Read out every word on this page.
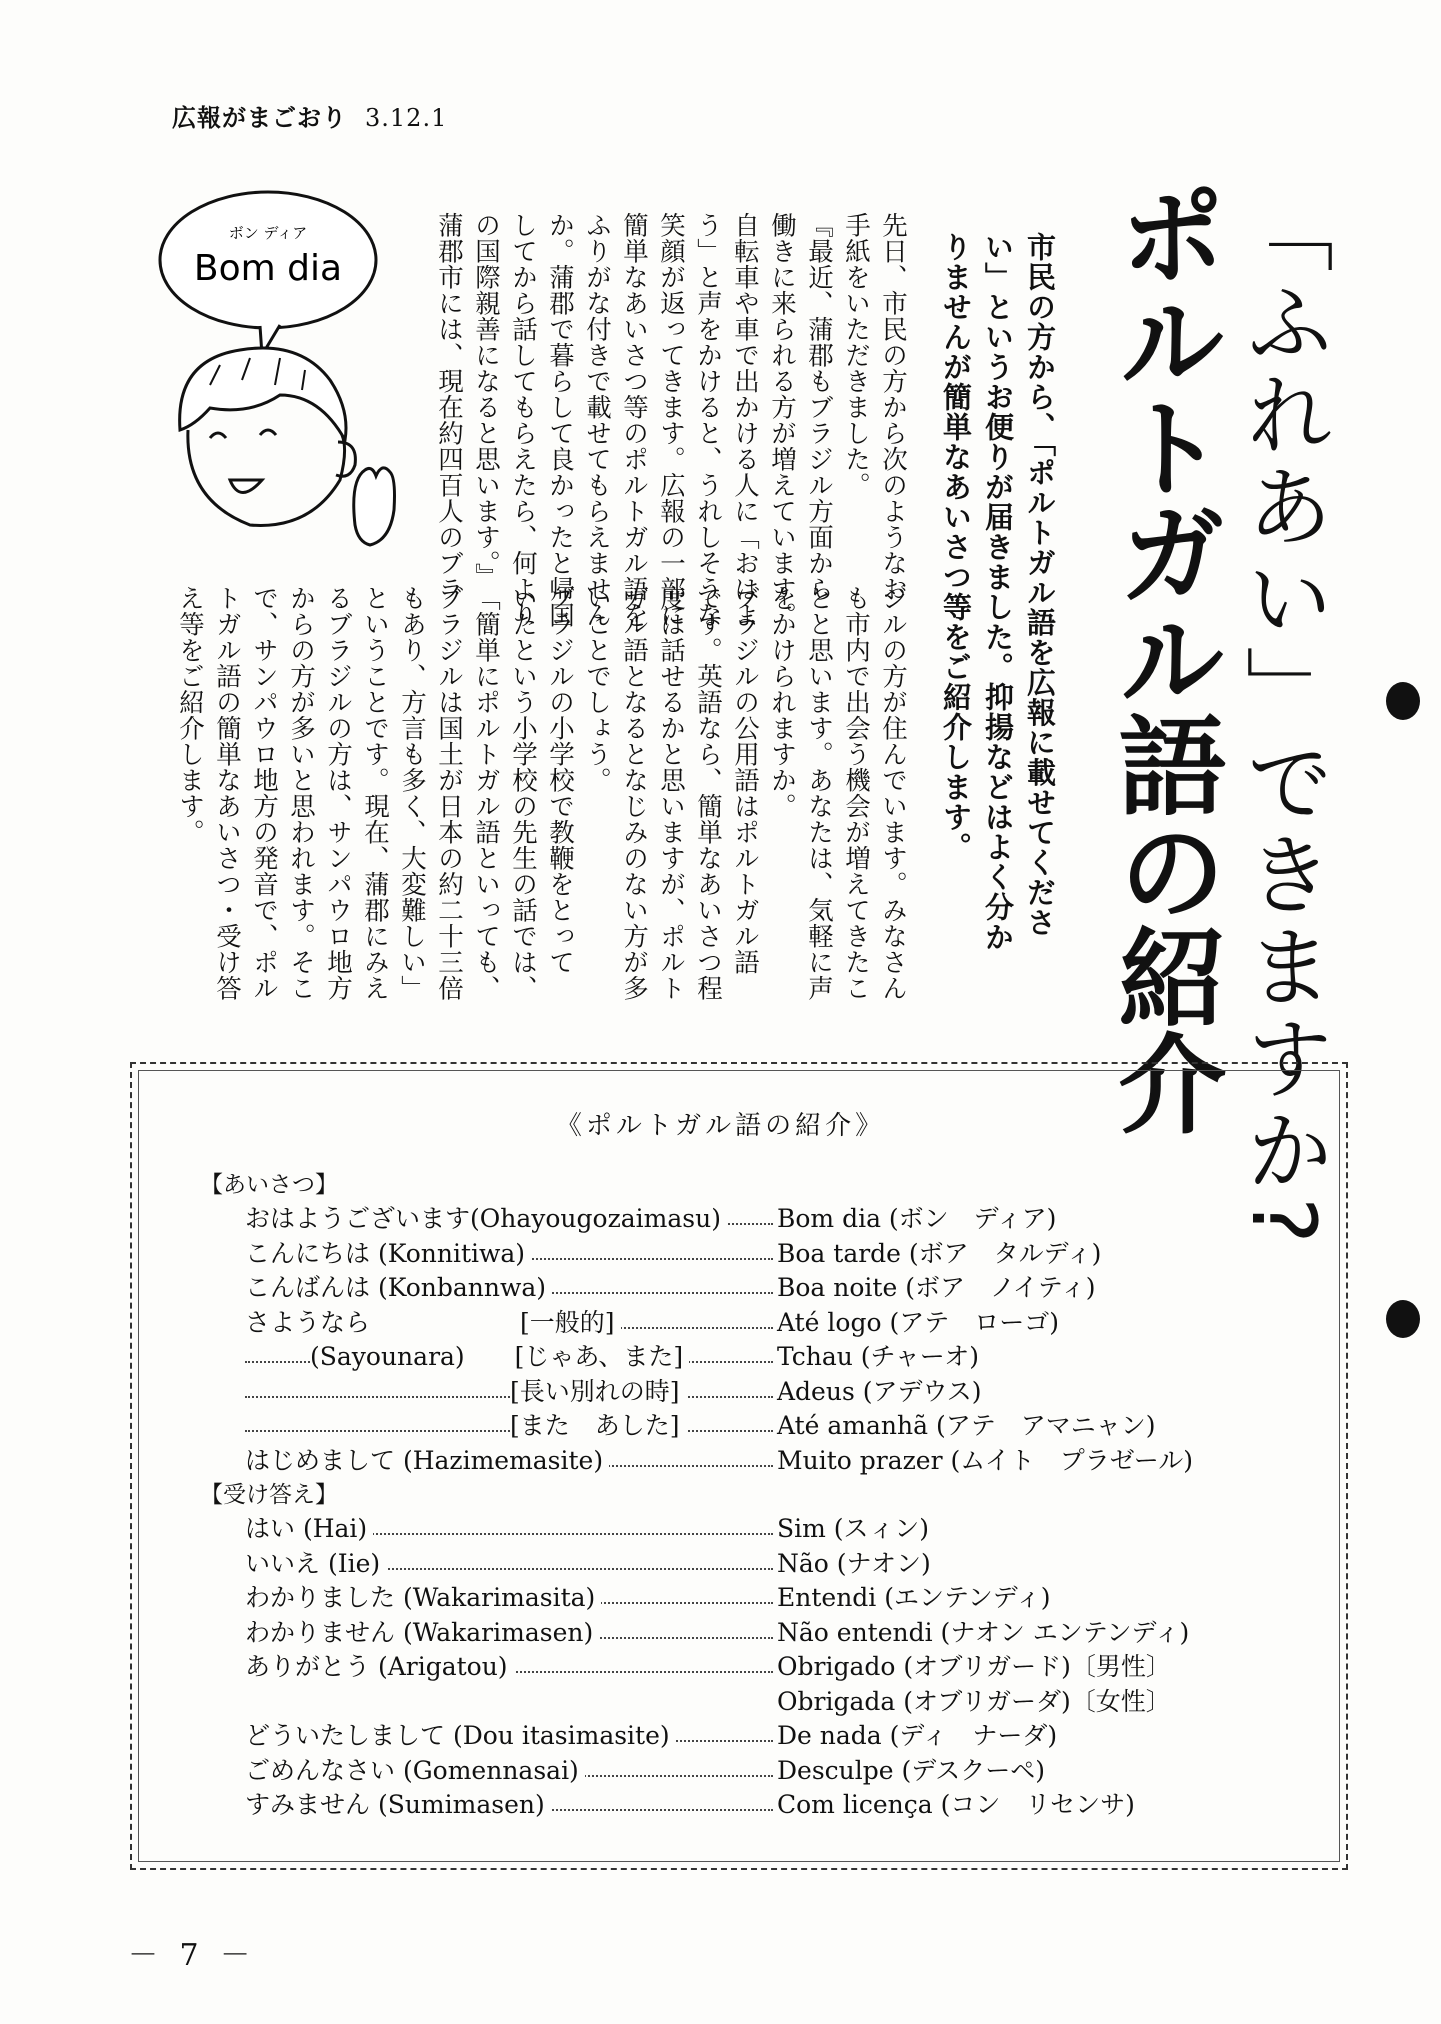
広報がまごおり 3.12.1
「ふれあい」できますか?
ポルトガル語の紹介
市民の方から、「ポルトガル語を広報に載せてください」というお便りが届きました。抑揚などはよく分かりませんが簡単なあいさつ等をご紹介します。
先日、市民の方から次のようなお
手紙をいただきました。
『最近、蒲郡もブラジル方面から
働きに来られる方が増えています。
自転車や車で出かける人に「おはよ
う」と声をかけると、うれしそうな
笑顔が返ってきます。広報の一部に
簡単なあいさつ等のポルトガル語を
ふりがな付きで載せてもらえません
か。蒲郡で暮らして良かったと帰国
してから話してもらえたら、何より
の国際親善になると思います。』
蒲郡市には、現在約四百人のブラ
ジルの方が住んでいます。みなさん
も市内で出会う機会が増えてきたこ
とと思います。あなたは、気軽に声
をかけられますか。
ブラジルの公用語はポルトガル語
です。英語なら、簡単なあいさつ程
度は話せるかと思いますが、ポルト
ガル語となるとなじみのない方が多
いことでしょう。
ブラジルの小学校で教鞭をとって
いたという小学校の先生の話では、
「簡単にポルトガル語といっても、
ブラジルは国土が日本の約二十三倍
もあり、方言も多く、大変難しい」
ということです。現在、蒲郡にみえ
るブラジルの方は、サンパウロ地方
からの方が多いと思われます。そこ
で、サンパウロ地方の発音で、ポル
トガル語の簡単なあいさつ・受け答
え等をご紹介します。
ボン ディア
Bom dia
《ポルトガル語の紹介》
【あいさつ】
おはようございます(Ohayougozaimasu)	Bom dia (ボン　ディア)
こんにちは (Konnitiwa)	Boa tarde (ボア　タルディ)
こんばんは (Konbannwa)	Boa noite (ボア　ノイティ)
さようなら　　　　　　[一般的]	Até logo (アテ　ローゴ)
(Sayounara)　　[じゃあ、また]	Tchau (チャーオ)
[長い別れの時]	Adeus (アデウス)
[また　あした]	Até amanhã (アテ　アマニャン)
はじめまして (Hazimemasite)	Muito prazer (ムイト　プラゼール)
【受け答え】
はい (Hai)	Sim (スィン)
いいえ (Iie)	Não (ナオン)
わかりました (Wakarimasita)	Entendi (エンテンディ)
わかりません (Wakarimasen)	Não entendi (ナオン エンテンディ)
ありがとう (Arigatou)	Obrigado (オブリガード)〔男性〕
Obrigada (オブリガーダ)〔女性〕
どういたしまして (Dou itasimasite)	De nada (ディ　ナーダ)
ごめんなさい (Gomennasai)	Desculpe (デスクーペ)
すみません (Sumimasen)	Com licença (コン　リセンサ)
－ 7 －
